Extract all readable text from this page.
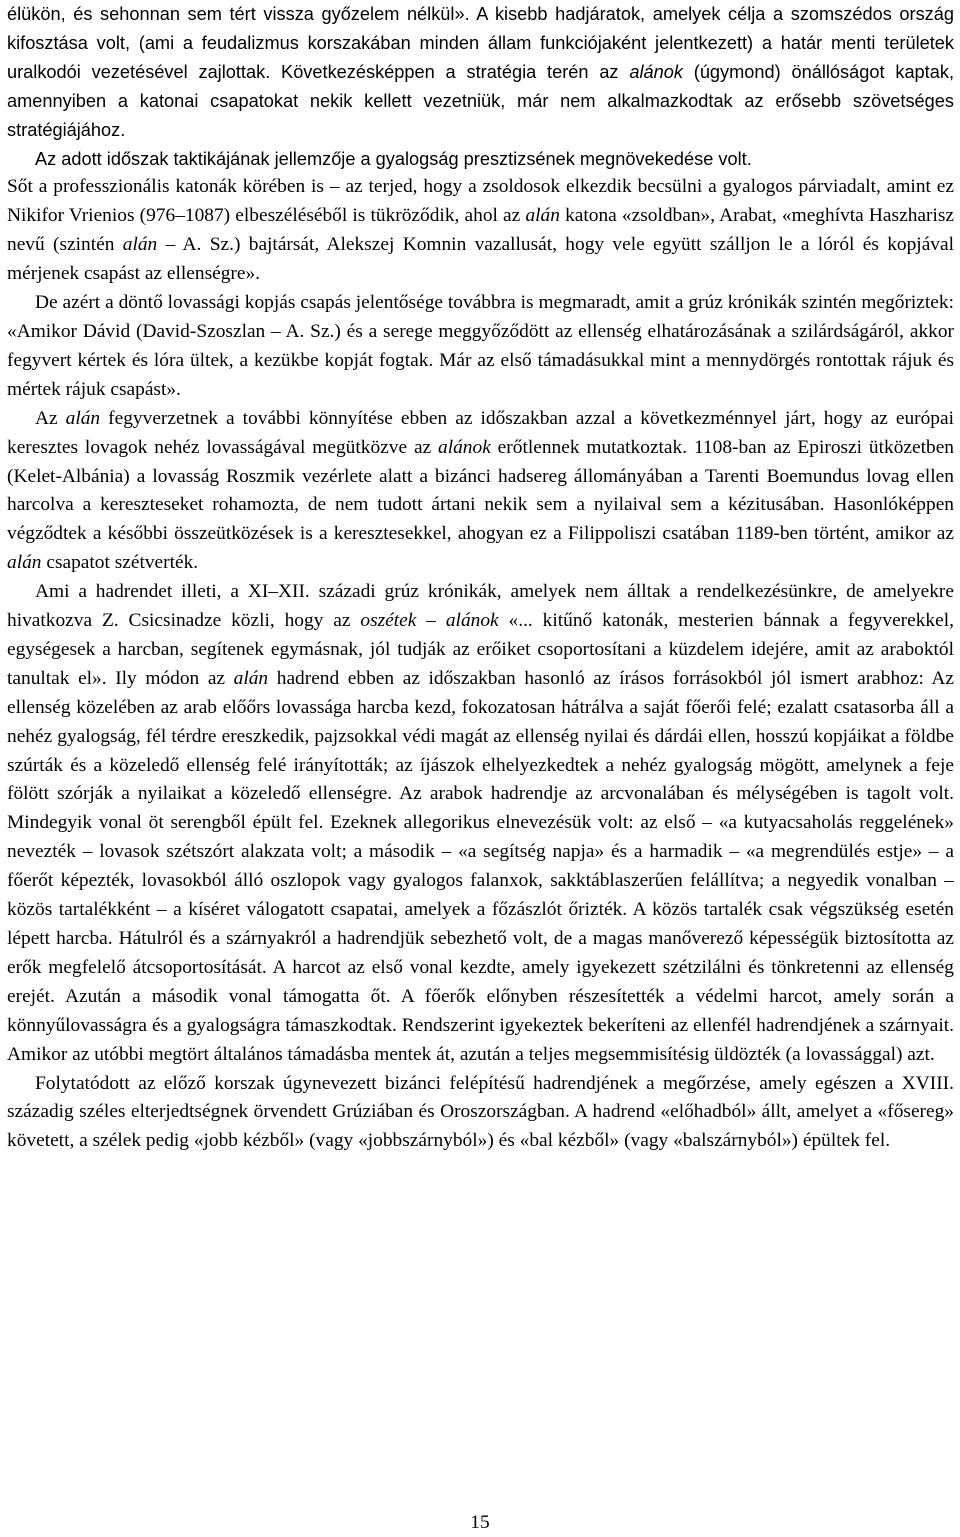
élükön, és sehonnan sem tért vissza győzelem nélkül». A kisebb hadjáratok, amelyek célja a szomszédos ország kifosztása volt, (ami a feudalizmus korszakában minden állam funkciójaként jelentkezett) a határ menti területek uralkodói vezetésével zajlottak. Következésképpen a stratégia terén az alánok (úgymond) önállóságot kaptak, amennyiben a katonai csapatokat nekik kellett vezetniük, már nem alkalmazkodtak az erősebb szövetséges stratégiájához.

Az adott időszak taktikájának jellemzője a gyalogság presztizsének megnövekedése volt.

Sőt a professzionális katonák körében is – az terjed, hogy a zsoldosok elkezdik becsülni a gyalogos párviadalt, amint ez Nikifor Vrienios (976–1087) elbeszéléséből is tükröződik, ahol az alán katona «zsoldban», Arabat, «meghívta Haszharisz nevű (szintén alán – A. Sz.) bajtársát, Alekszej Komnin vazallusát, hogy vele együtt szálljon le a lóról és kopjával mérjenek csapást az ellenségre».

De azért a döntő lovassági kopjás csapás jelentősége továbbra is megmaradt, amit a grúz krónikák szintén megőriztek: «Amikor Dávid (David-Szoszlan – A. Sz.) és a serege meggyőződött az ellenség elhatározásának a szilárdságáról, akkor fegyvert kértek és lóra ültek, a kezükbe kopját fogtak. Már az első támadásukkal mint a mennydörgés rontottak rájuk és mértek rájuk csapást».

Az alán fegyverzetnek a további könnyítése ebben az időszakban azzal a következménnyel járt, hogy az európai keresztes lovagok nehéz lovasságával megütközve az alánok erőtlennek mutatkoztak. 1108-ban az Epiroszi ütközetben (Kelet-Albánia) a lovasság Roszmik vezérlete alatt a bizánci hadsereg állományában a Tarenti Boemundus lovag ellen harcolva a kereszteseket rohamozta, de nem tudott ártani nekik sem a nyilaival sem a kézitusában. Hasonlóképpen végződtek a későbbi összeütközések is a keresztesekkel, ahogyan ez a Filippoliszi csatában 1189-ben történt, amikor az alán csapatot szétverték.

Ami a hadrendet illeti, a XI–XII. századi grúz krónikák, amelyek nem álltak a rendelkezésünkre, de amelyekre hivatkozva Z. Csicsinadze közli, hogy az oszétek – alánok «... kitűnő katonák, mesterien bánnak a fegyverekkel, egységesek a harcban, segítenek egymásnak, jól tudják az erőiket csoportosítani a küzdelem idejére, amit az araboktól tanultak el». Ily módon az alán hadrend ebben az időszakban hasonló az írásos forrásokból jól ismert arabhoz: Az ellenség közelében az arab előőrs lovassága harcba kezd, fokozatosan hátrálva a saját főerői felé; ezalatt csatasorba áll a nehéz gyalogság, fél térdre ereszkedik, pajzsokkal védi magát az ellenség nyilai és dárdái ellen, hosszú kopjáikat a földbe szúrták és a közeledő ellenség felé irányították; az íjászok elhelyezkedtek a nehéz gyalogság mögött, amelynek a feje fölött szórják a nyilaikat a közeledő ellenségre. Az arabok hadrendje az arcvonalában és mélységében is tagolt volt. Mindegyik vonal öt serengből épült fel. Ezeknek allegorikus elnevezésük volt: az első – «a kutyacsaholás reggelének» nevezték – lovasok szétszórt alakzata volt; a második – «a segítség napja» és a harmadik – «a megrendülés estje» – a főerőt képezték, lovasokból álló oszlopok vagy gyalogos falanxok, sakktáblaszerűen felállítva; a negyedik vonalban – közös tartalékként – a kíséret válogatott csapatai, amelyek a főzászlót őrizték. A közös tartalék csak végszükség esetén lépett harcba. Hátulról és a szárnyakról a hadrendjük sebezhető volt, de a magas manőverező képességük biztosította az erők megfelelő átcsoportosítását. A harcot az első vonal kezdte, amely igyekezett szétzilálni és tönkretenni az ellenség erejét. Azután a második vonal támogatta őt. A főerők előnyben részesítették a védelmi harcot, amely során a könnyűlovasságra és a gyalogságra támaszkodtak. Rendszerint igyekeztek bekeríteni az ellenfél hadrendjének a szárnyait. Amikor az utóbbi megtört általános támadásba mentek át, azután a teljes megsemmisítésig üldözték (a lovassággal) azt.

Folytatódott az előző korszak úgynevezett bizánci felépítésű hadrendjének a megőrzése, amely egészen a XVIII. századig széles elterjedtségnek örvendett Grúziában és Oroszországban. A hadrend «előhadból» állt, amelyet a «fősereg» követett, a szélek pedig «jobb kézből» (vagy «jobbszárnyból») és «bal kézből» (vagy «balszárnyból») épültek fel.

15
